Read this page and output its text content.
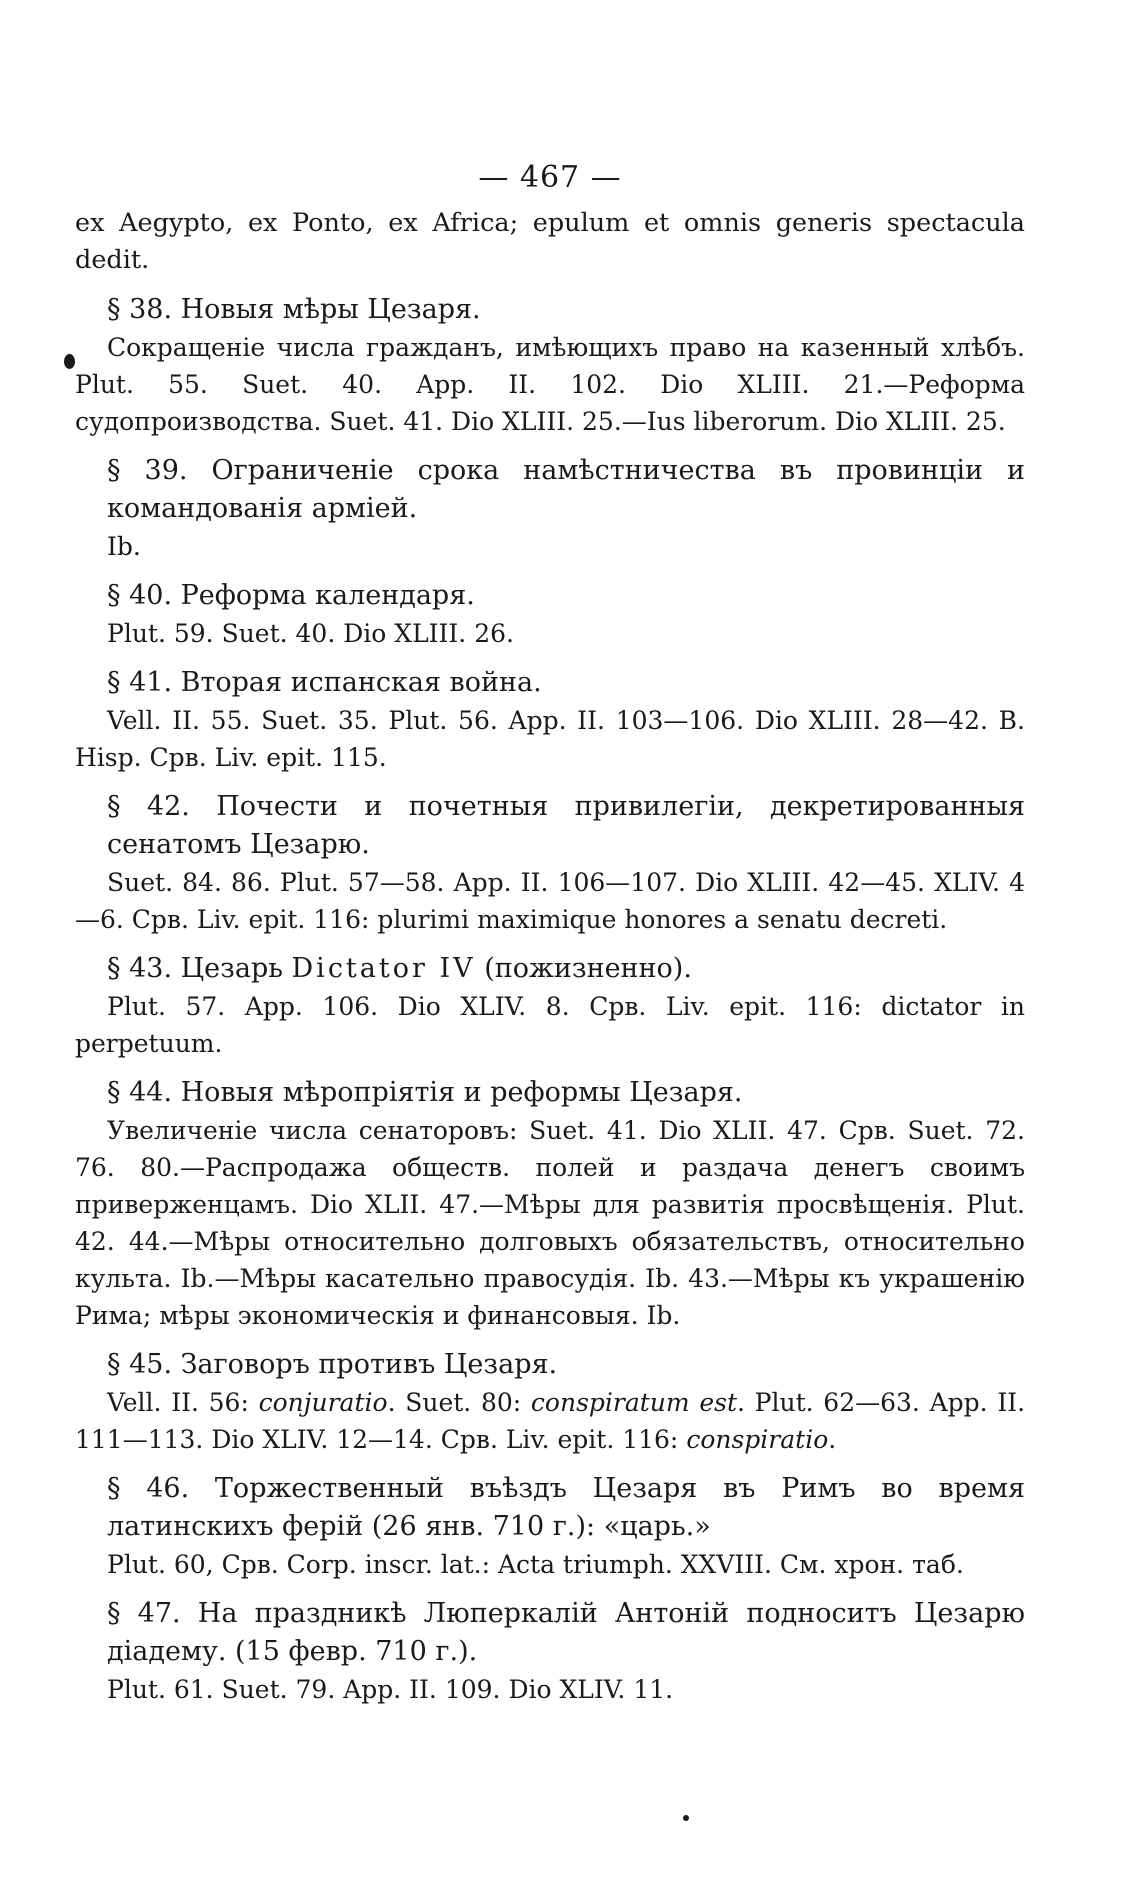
— 467 —

ex Aegypto, ex Ponto, ex Africa; epulum et omnis generis spectacula dedit.

§ 38. Новыя мѣры Цезаря.

Сокращеніе числа гражданъ, имѣющихъ право на казенный хлѣбъ. Plut. 55. Suet. 40. App. II. 102. Dio XLIII. 21.—Реформа судопроизводства. Suet. 41. Dio XLIII. 25.—Ius liberorum. Dio XLIII. 25.

§ 39. Ограниченіе срока намѣстничества въ провинціи и командованія арміей.

Ib.

§ 40. Реформа календаря.

Plut. 59. Suet. 40. Dio XLIII. 26.

§ 41. Вторая испанская война.

Vell. II. 55. Suet. 35. Plut. 56. App. II. 103—106. Dio XLIII. 28—42. B. Hisp. Срв. Liv. epit. 115.

§ 42. Почести и почетныя привилегіи, декретированныя сенатомъ Цезарю.

Suet. 84. 86. Plut. 57—58. App. II. 106—107. Dio XLIII. 42—45. XLIV. 4—6. Срв. Liv. epit. 116: plurimi maximique honores a senatu decreti.

§ 43. Цезарь Dictator IV (пожизненно).

Plut. 57. App. 106. Dio XLIV. 8. Срв. Liv. epit. 116: dictator in perpetuum.

§ 44. Новыя мѣропріятія и реформы Цезаря.

Увеличеніе числа сенаторовъ: Suet. 41. Dio XLII. 47. Срв. Suet. 72. 76. 80.—Распродажа обществ. полей и раздача денегъ своимъ приверженцамъ. Dio XLII. 47.—Мѣры для развитія просвѣщенія. Plut. 42. 44.—Мѣры относительно долговыхъ обязательствъ, относительно культа. Ib.—Мѣры касательно правосудія. Ib. 43.—Мѣры къ украшенію Рима; мѣры экономическія и финансовыя. Ib.

§ 45. Заговоръ противъ Цезаря.

Vell. II. 56: conjuratio. Suet. 80: conspiratum est. Plut. 62—63. App. II. 111—113. Dio XLIV. 12—14. Срв. Liv. epit. 116: conspiratio.

§ 46. Торжественный въѣздъ Цезаря въ Римъ во время латинскихъ ферій (26 янв. 710 г.): «царь.»

Plut. 60, Срв. Corp. inscr. lat.: Acta triumph. XXVIII. См. хрон. таб.

§ 47. На праздникѣ Люперкалій Антоній подноситъ Цезарю діадему. (15 февр. 710 г.).

Plut. 61. Suet. 79. App. II. 109. Dio XLIV. 11.
